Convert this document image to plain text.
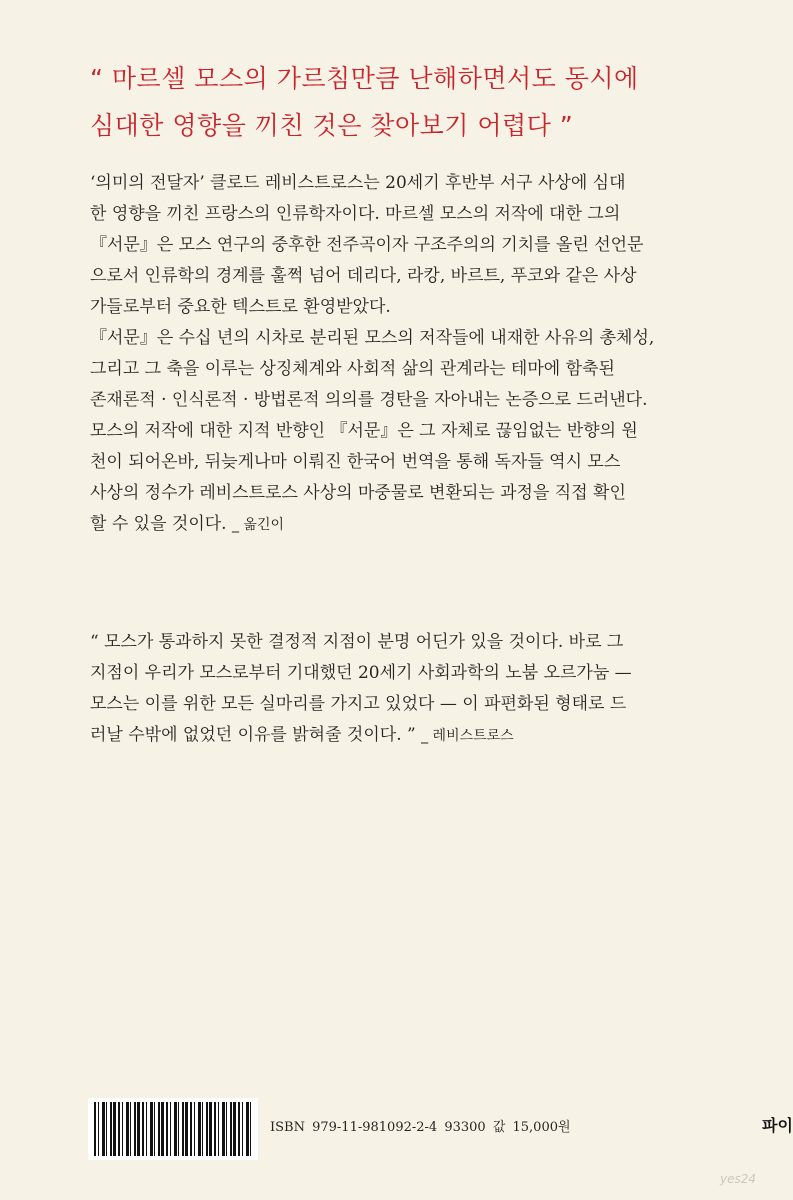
“ 마르셀 모스의 가르침만큼 난해하면서도 동시에
심대한 영향을 끼친 것은 찾아보기 어렵다 ”
‘의미의 전달자’ 클로드 레비스트로스는 20세기 후반부 서구 사상에 심대
한 영향을 끼친 프랑스의 인류학자이다. 마르셀 모스의 저작에 대한 그의
『서문』은 모스 연구의 중후한 전주곡이자 구조주의의 기치를 올린 선언문
으로서 인류학의 경계를 훌쩍 넘어 데리다, 라캉, 바르트, 푸코와 같은 사상
가들로부터 중요한 텍스트로 환영받았다.
『서문』은 수십 년의 시차로 분리된 모스의 저작들에 내재한 사유의 총체성,
그리고 그 축을 이루는 상징체계와 사회적 삶의 관계라는 테마에 함축된
존재론적 · 인식론적 · 방법론적 의의를 경탄을 자아내는 논증으로 드러낸다.
모스의 저작에 대한 지적 반향인 『서문』은 그 자체로 끊임없는 반향의 원
천이 되어온바, 뒤늦게나마 이뤄진 한국어 번역을 통해 독자들 역시 모스
사상의 정수가 레비스트로스 사상의 마중물로 변환되는 과정을 직접 확인
할 수 있을 것이다. _ 옮긴이
“ 모스가 통과하지 못한 결정적 지점이 분명 어딘가 있을 것이다. 바로 그
지점이 우리가 모스로부터 기대했던 20세기 사회과학의 노붐 오르가눔 —
모스는 이를 위한 모든 실마리를 가지고 있었다 — 이 파편화된 형태로 드
러날 수밖에 없었던 이유를 밝혀줄 것이다. ” _ 레비스트로스
ISBN 979-11-981092-2-4 93300 값 15,000원	파이
yes24
